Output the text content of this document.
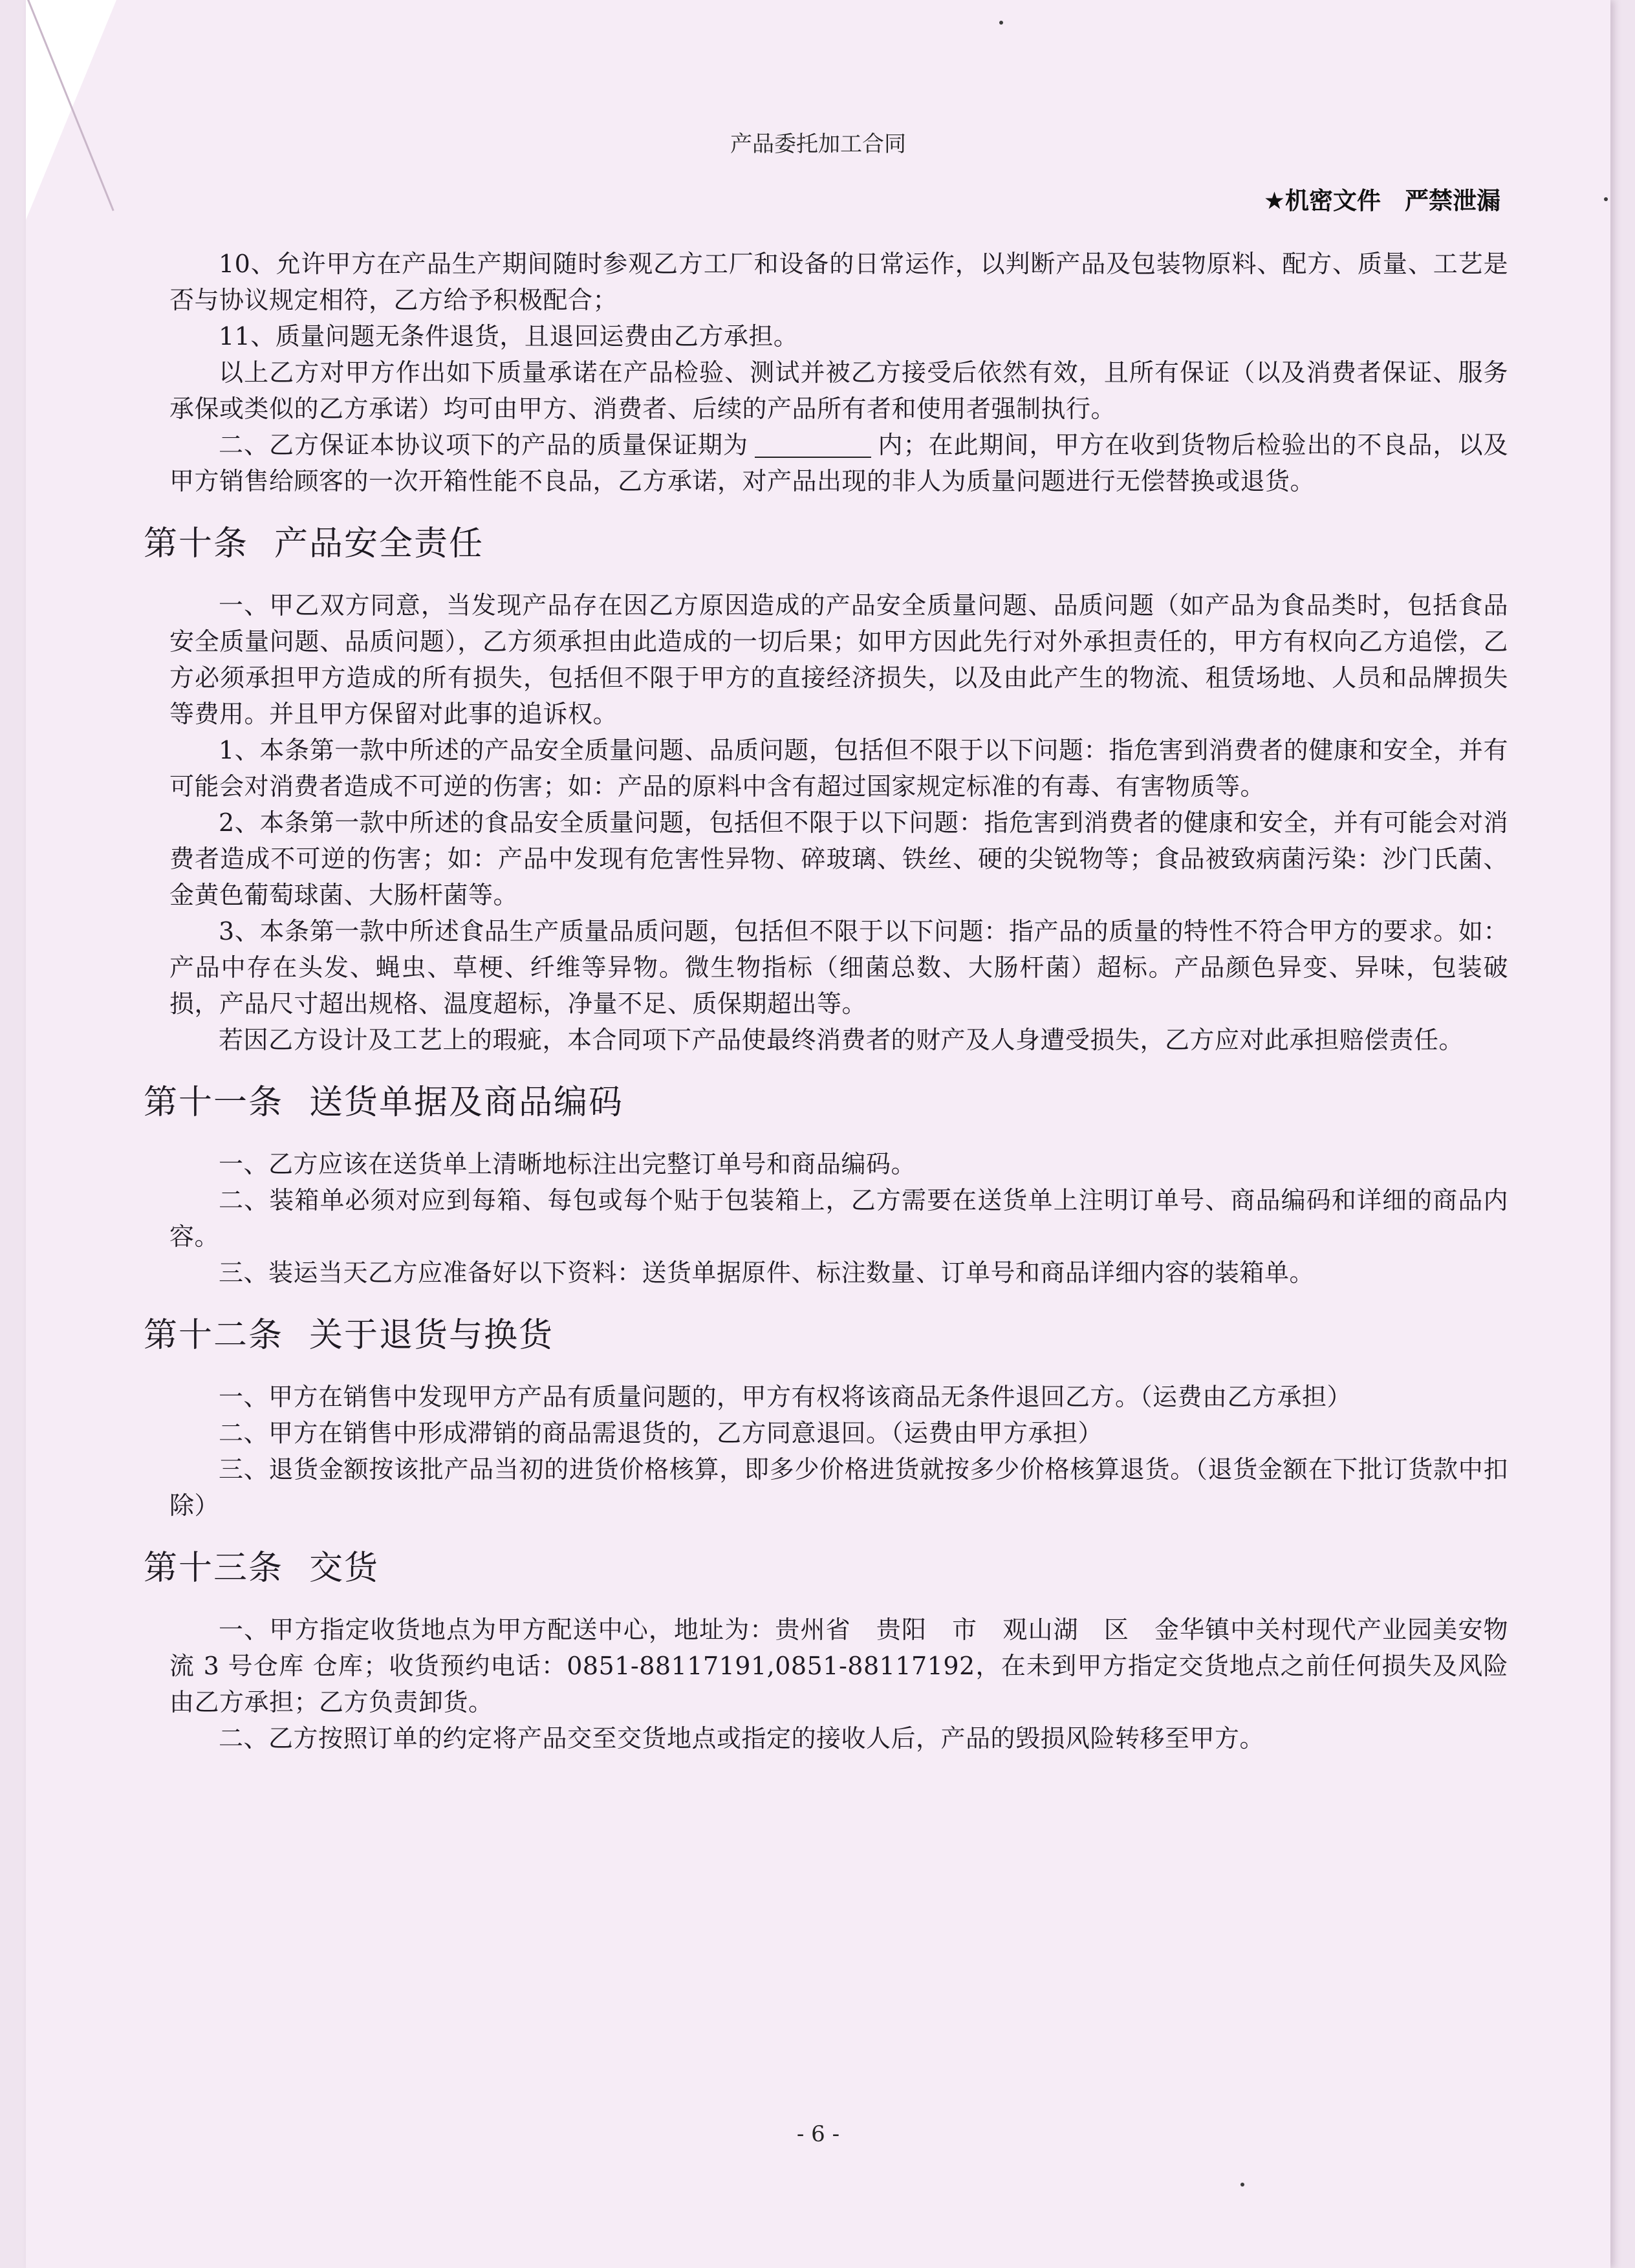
产品委托加工合同
★机密文件　严禁泄漏

10、允许甲方在产品生产期间随时参观乙方工厂和设备的日常运作，以判断产品及包装物原料、配方、质量、工艺是否与协议规定相符，乙方给予积极配合；

11、质量问题无条件退货，且退回运费由乙方承担。

以上乙方对甲方作出如下质量承诺在产品检验、测试并被乙方接受后依然有效，且所有保证（以及消费者保证、服务承保或类似的乙方承诺）均可由甲方、消费者、后续的产品所有者和使用者强制执行。

二、乙方保证本协议项下的产品的质量保证期为	内；在此期间，甲方在收到货物后检验出的不良品，以及甲方销售给顾客的一次开箱性能不良品，乙方承诺，对产品出现的非人为质量问题进行无偿替换或退货。

第十条 产品安全责任

一、甲乙双方同意，当发现产品存在因乙方原因造成的产品安全质量问题、品质问题（如产品为食品类时，包括食品安全质量问题、品质问题），乙方须承担由此造成的一切后果；如甲方因此先行对外承担责任的，甲方有权向乙方追偿，乙方必须承担甲方造成的所有损失，包括但不限于甲方的直接经济损失，以及由此产生的物流、租赁场地、人员和品牌损失等费用。并且甲方保留对此事的追诉权。

1、本条第一款中所述的产品安全质量问题、品质问题，包括但不限于以下问题：指危害到消费者的健康和安全，并有可能会对消费者造成不可逆的伤害；如：产品的原料中含有超过国家规定标准的有毒、有害物质等。

2、本条第一款中所述的食品安全质量问题，包括但不限于以下问题：指危害到消费者的健康和安全，并有可能会对消费者造成不可逆的伤害；如：产品中发现有危害性异物、碎玻璃、铁丝、硬的尖锐物等；食品被致病菌污染：沙门氏菌、金黄色葡萄球菌、大肠杆菌等。

3、本条第一款中所述食品生产质量品质问题，包括但不限于以下问题：指产品的质量的特性不符合甲方的要求。如：产品中存在头发、蝇虫、草梗、纤维等异物。微生物指标（细菌总数、大肠杆菌）超标。产品颜色异变、异味，包装破损，产品尺寸超出规格、温度超标，净量不足、质保期超出等。

若因乙方设计及工艺上的瑕疵，本合同项下产品使最终消费者的财产及人身遭受损失，乙方应对此承担赔偿责任。

第十一条 送货单据及商品编码

一、乙方应该在送货单上清晰地标注出完整订单号和商品编码。

二、装箱单必须对应到每箱、每包或每个贴于包装箱上，乙方需要在送货单上注明订单号、商品编码和详细的商品内容。

三、装运当天乙方应准备好以下资料：送货单据原件、标注数量、订单号和商品详细内容的装箱单。

第十二条 关于退货与换货

一、甲方在销售中发现甲方产品有质量问题的，甲方有权将该商品无条件退回乙方。（运费由乙方承担）

二、甲方在销售中形成滞销的商品需退货的，乙方同意退回。（运费由甲方承担）

三、退货金额按该批产品当初的进货价格核算，即多少价格进货就按多少价格核算退货。（退货金额在下批订货款中扣除）

第十三条 交货

一、甲方指定收货地点为甲方配送中心，地址为：贵州省　贵阳　市　观山湖　区　金华镇中关村现代产业园美安物流 3 号仓库 仓库；收货预约电话：0851-88117191,0851-88117192，在未到甲方指定交货地点之前任何损失及风险由乙方承担；乙方负责卸货。

二、乙方按照订单的约定将产品交至交货地点或指定的接收人后，产品的毁损风险转移至甲方。

- 6 -
